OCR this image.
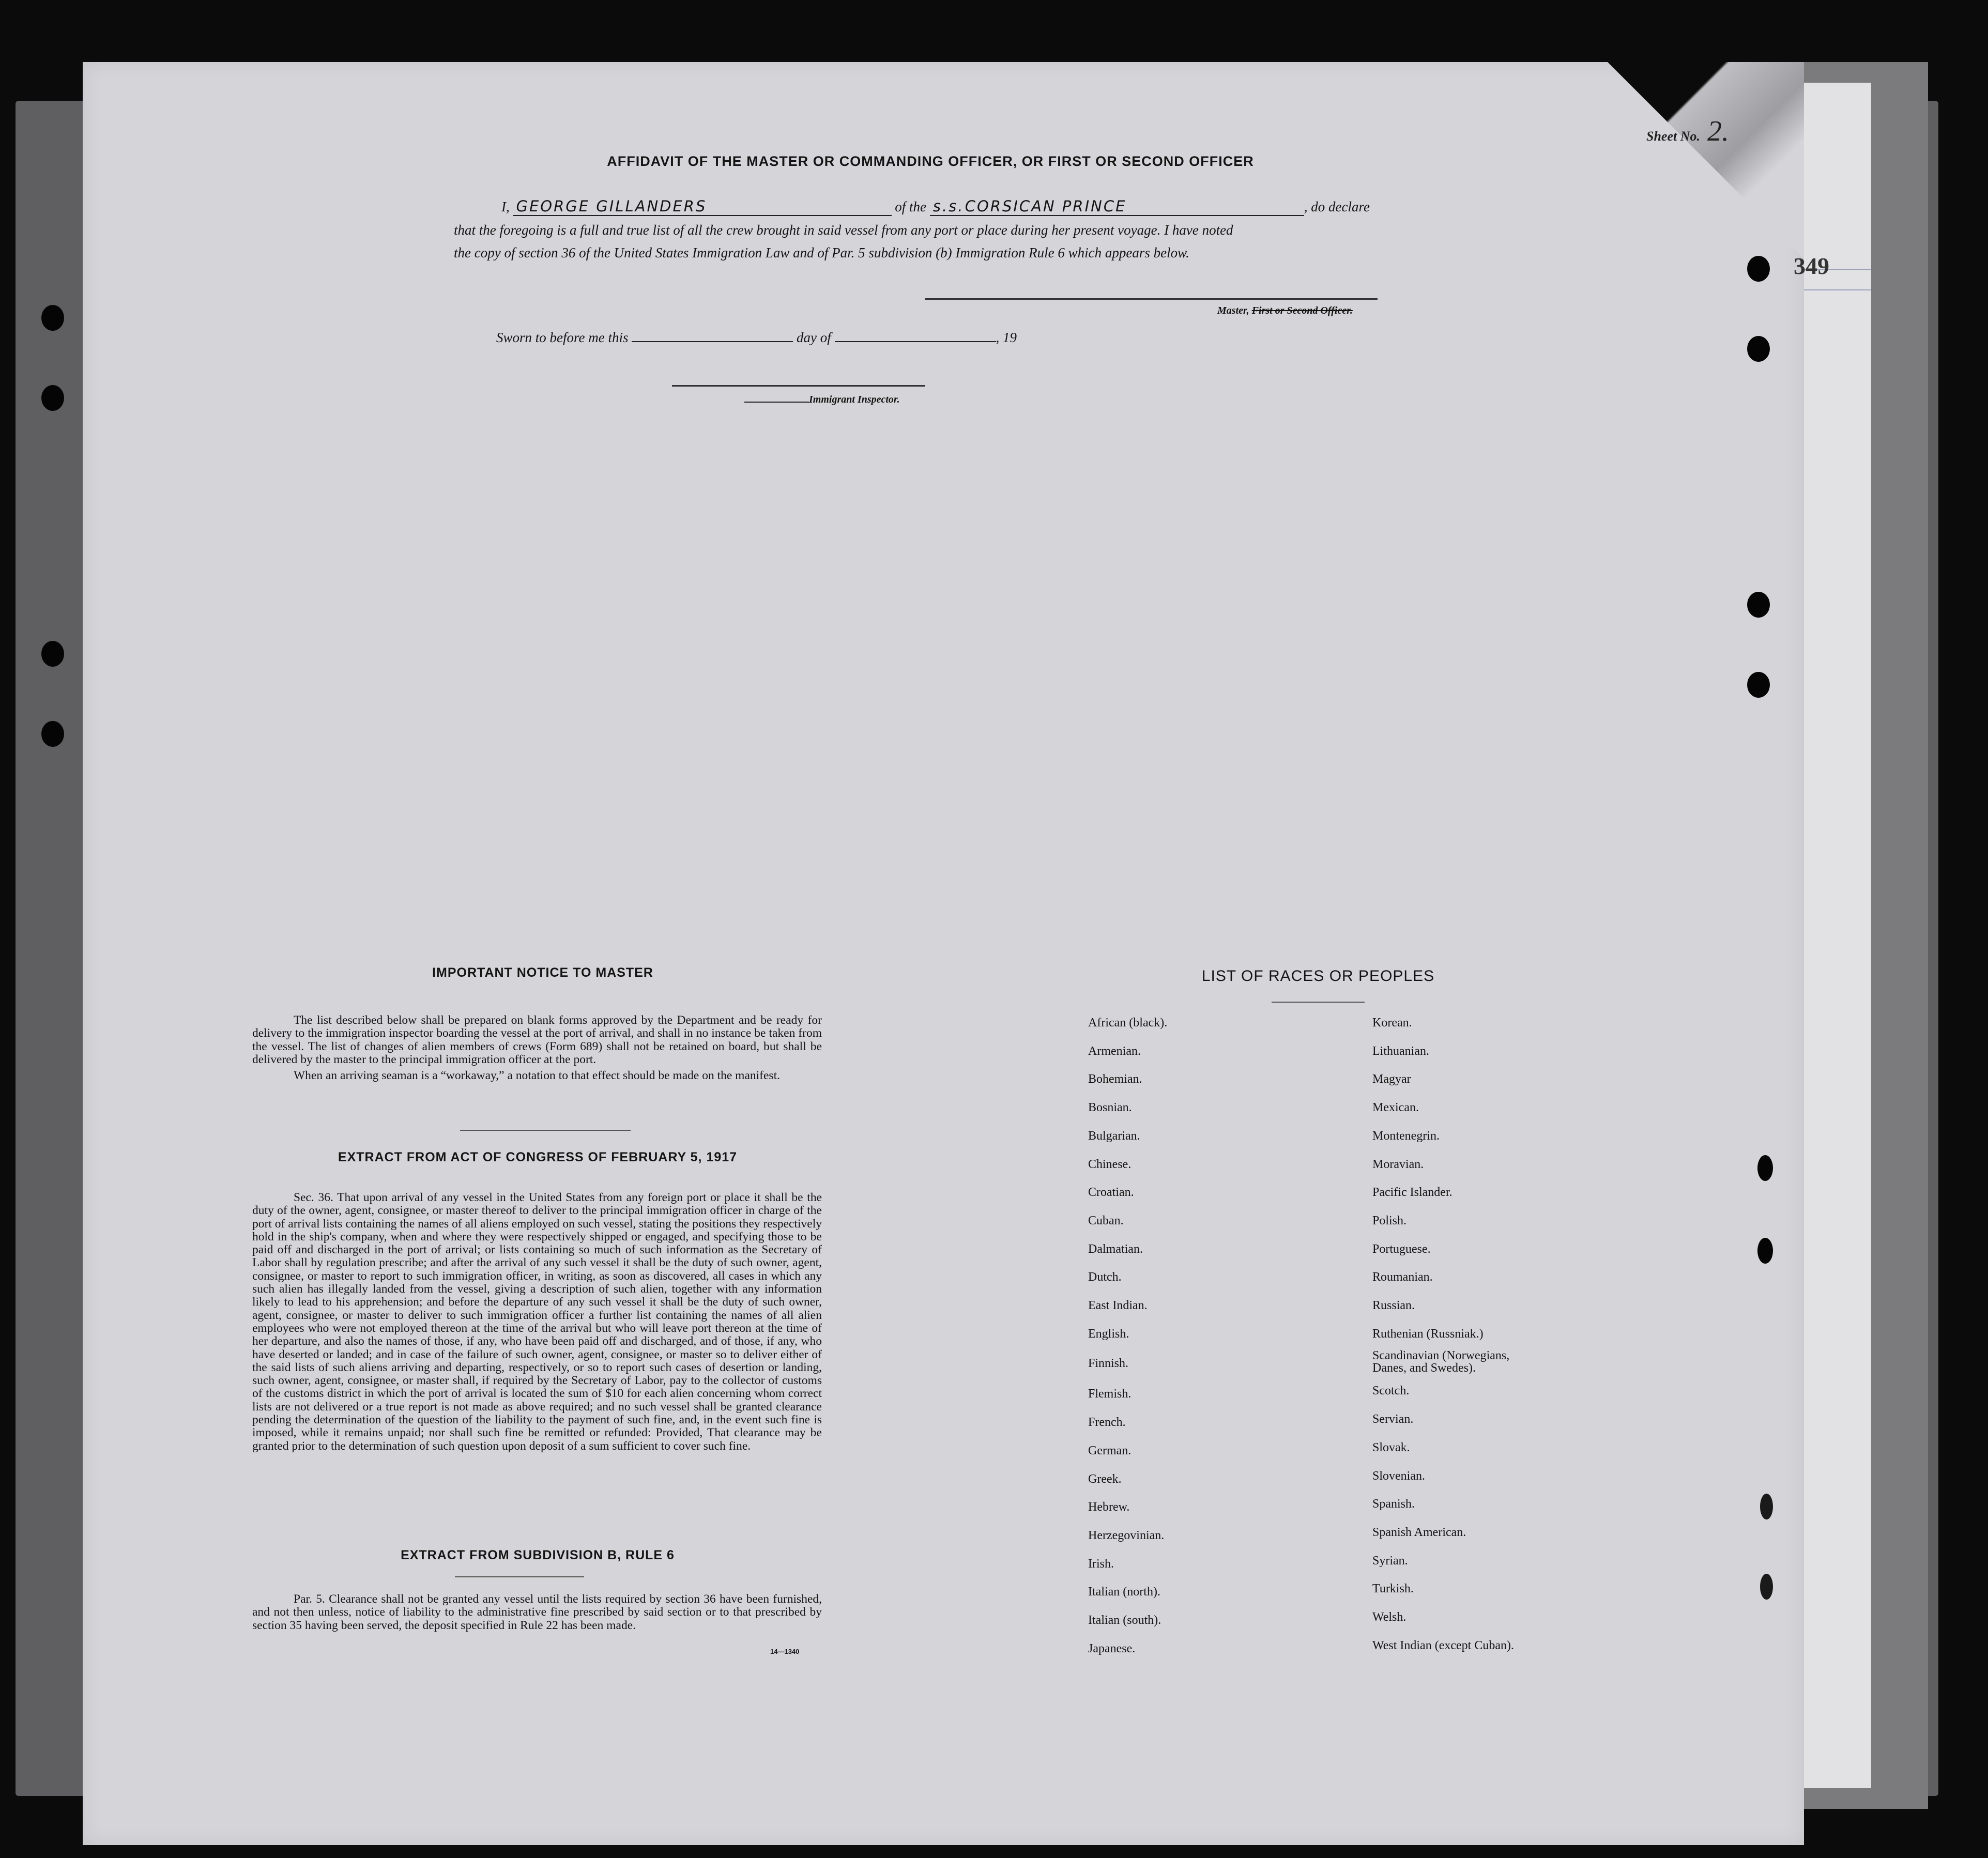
Sheet No. 2.
349
AFFIDAVIT OF THE MASTER OR COMMANDING OFFICER, OR FIRST OR SECOND OFFICER
I, GEORGE GILLANDERS	of the s.s.CORSICAN PRINCE	, do declare
that the foregoing is a full and true list of all the crew brought in said vessel from any port or place during her present voyage. I have noted
the copy of section 36 of the United States Immigration Law and of Par. 5 subdivision (b) Immigration Rule 6 which appears below.
Master, First or Second Officer.
Sworn to before me this	day of	, 19
Immigrant Inspector.
IMPORTANT NOTICE TO MASTER

The list described below shall be prepared on blank forms approved by the Department and be ready for delivery to the immigration inspector boarding the vessel at the port of arrival, and shall in no instance be taken from the vessel. The list of changes of alien members of crews (Form 689) shall not be retained on board, but shall be delivered by the master to the principal immigration officer at the port.

When an arriving seaman is a “workaway,” a notation to that effect should be made on the manifest.

EXTRACT FROM ACT OF CONGRESS OF FEBRUARY 5, 1917

Sec. 36. That upon arrival of any vessel in the United States from any foreign port or place it shall be the duty of the owner, agent, consignee, or master thereof to deliver to the principal immigration officer in charge of the port of arrival lists containing the names of all aliens employed on such vessel, stating the positions they respectively hold in the ship's company, when and where they were respectively shipped or engaged, and specifying those to be paid off and discharged in the port of arrival; or lists containing so much of such information as the Secretary of Labor shall by regulation prescribe; and after the arrival of any such vessel it shall be the duty of such owner, agent, consignee, or master to report to such immigration officer, in writing, as soon as discovered, all cases in which any such alien has illegally landed from the vessel, giving a description of such alien, together with any information likely to lead to his apprehension; and before the departure of any such vessel it shall be the duty of such owner, agent, consignee, or master to deliver to such immigration officer a further list containing the names of all alien employees who were not employed thereon at the time of the arrival but who will leave port thereon at the time of her departure, and also the names of those, if any, who have been paid off and discharged, and of those, if any, who have deserted or landed; and in case of the failure of such owner, agent, consignee, or master so to deliver either of the said lists of such aliens arriving and departing, respectively, or so to report such cases of desertion or landing, such owner, agent, consignee, or master shall, if required by the Secretary of Labor, pay to the collector of customs of the customs district in which the port of arrival is located the sum of $10 for each alien concerning whom correct lists are not delivered or a true report is not made as above required; and no such vessel shall be granted clearance pending the determination of the question of the liability to the payment of such fine, and, in the event such fine is imposed, while it remains unpaid; nor shall such fine be remitted or refunded: Provided, That clearance may be granted prior to the determination of such question upon deposit of a sum sufficient to cover such fine.

EXTRACT FROM SUBDIVISION B, RULE 6

Par. 5. Clearance shall not be granted any vessel until the lists required by section 36 have been furnished, and not then unless, notice of liability to the administrative fine prescribed by said section or to that prescribed by section 35 having been served, the deposit specified in Rule 22 has been made.

14—1340
LIST OF RACES OR PEOPLES
African (black).
Armenian.
Bohemian.
Bosnian.
Bulgarian.
Chinese.
Croatian.
Cuban.
Dalmatian.
Dutch.
East Indian.
English.
Finnish.
Flemish.
French.
German.
Greek.
Hebrew.
Herzegovinian.
Irish.
Italian (north).
Italian (south).
Japanese.
Korean.
Lithuanian.
Magyar
Mexican.
Montenegrin.
Moravian.
Pacific Islander.
Polish.
Portuguese.
Roumanian.
Russian.
Ruthenian (Russniak.)
Scandinavian (Norwegians,
Danes, and Swedes).
Scotch.
Servian.
Slovak.
Slovenian.
Spanish.
Spanish American.
Syrian.
Turkish.
Welsh.
West Indian (except Cuban).
